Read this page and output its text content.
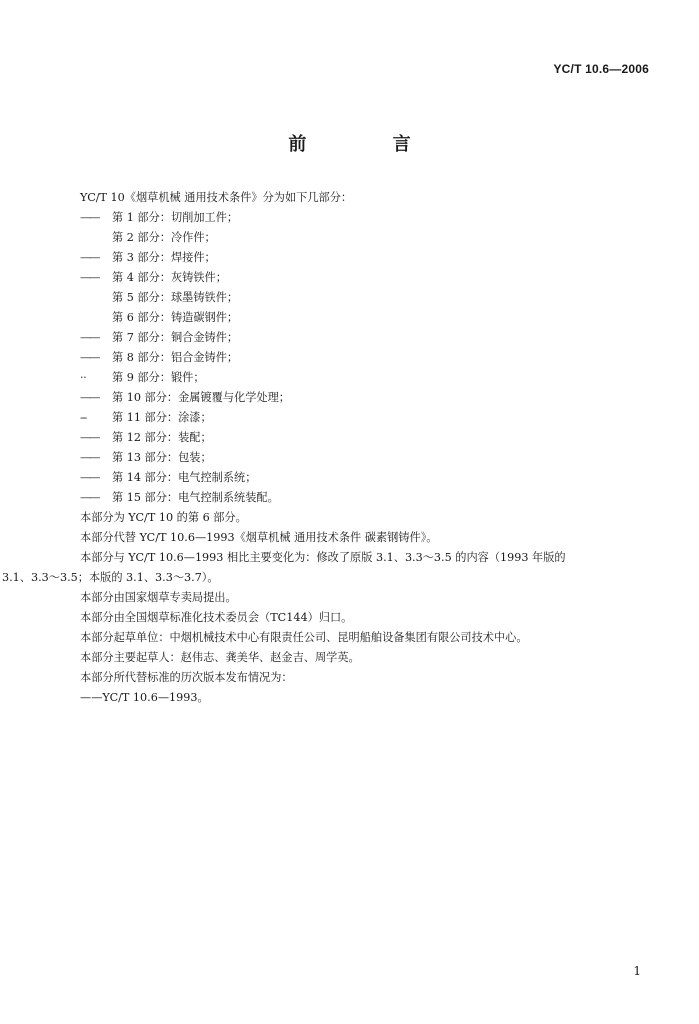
YC/T 10.6—2006
前 言
YC/T 10《烟草机械 通用技术条件》分为如下几部分：
—— 第 1 部分：切削加工件；
第 2 部分：冷作件；
—— 第 3 部分：焊接件；
—— 第 4 部分：灰铸铁件；
第 5 部分：球墨铸铁件；
第 6 部分：铸造碳钢件；
—— 第 7 部分：铜合金铸件；
—— 第 8 部分：铝合金铸件；
· · 第 9 部分：锻件；
—— 第 10 部分：金属镀覆与化学处理；
--- 第 11 部分：涂漆；
—— 第 12 部分：装配；
—— 第 13 部分：包装；
—— 第 14 部分：电气控制系统；
—— 第 15 部分：电气控制系统装配。
本部分为 YC/T 10 的第 6 部分。
本部分代替 YC/T 10.6—1993《烟草机械 通用技术条件 碳素钢铸件》。
本部分与 YC/T 10.6—1993 相比主要变化为：修改了原版 3.1、3.3～3.5 的内容（1993 年版的
3.1、3.3～3.5；本版的 3.1、3.3～3.7）。
本部分由国家烟草专卖局提出。
本部分由全国烟草标准化技术委员会（TC144）归口。
本部分起草单位：中烟机械技术中心有限责任公司、昆明船舶设备集团有限公司技术中心。
本部分主要起草人：赵伟志、龚美华、赵金吉、周学英。
本部分所代替标准的历次版本发布情况为：
——YC/T 10.6—1993。
1
